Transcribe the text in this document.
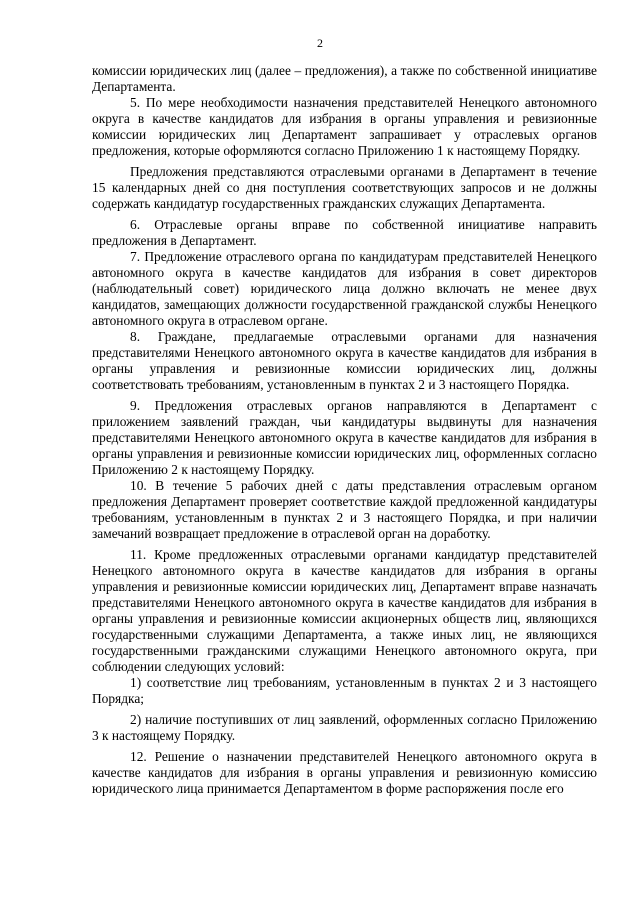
2

комиссии юридических лиц (далее – предложения), а также по собственной инициативе Департамента.

5. По мере необходимости назначения представителей Ненецкого автономного округа в качестве кандидатов для избрания в органы управления и ревизионные комиссии юридических лиц Департамент запрашивает у отраслевых органов предложения, которые оформляются согласно Приложению 1 к настоящему Порядку.

Предложения представляются отраслевыми органами в Департамент в течение 15 календарных дней со дня поступления соответствующих запросов и не должны содержать кандидатур государственных гражданских служащих Департамента.

6. Отраслевые органы вправе по собственной инициативе направить предложения в Департамент.

7. Предложение отраслевого органа по кандидатурам представителей Ненецкого автономного округа в качестве кандидатов для избрания в совет директоров (наблюдательный совет) юридического лица должно включать не менее двух кандидатов, замещающих должности государственной гражданской службы Ненецкого автономного округа в отраслевом органе.

8. Граждане, предлагаемые отраслевыми органами для назначения представителями Ненецкого автономного округа в качестве кандидатов для избрания в органы управления и ревизионные комиссии юридических лиц, должны соответствовать требованиям, установленным в пунктах 2 и 3 настоящего Порядка.

9. Предложения отраслевых органов направляются в Департамент с приложением заявлений граждан, чьи кандидатуры выдвинуты для назначения представителями Ненецкого автономного округа в качестве кандидатов для избрания в органы управления и ревизионные комиссии юридических лиц, оформленных согласно Приложению 2 к настоящему Порядку.

10. В течение 5 рабочих дней с даты представления отраслевым органом предложения Департамент проверяет соответствие каждой предложенной кандидатуры требованиям, установленным в пунктах 2 и 3 настоящего Порядка, и при наличии замечаний возвращает предложение в отраслевой орган на доработку.

11. Кроме предложенных отраслевыми органами кандидатур представителей Ненецкого автономного округа в качестве кандидатов для избрания в органы управления и ревизионные комиссии юридических лиц, Департамент вправе назначать представителями Ненецкого автономного округа в качестве кандидатов для избрания в органы управления и ревизионные комиссии акционерных обществ лиц, являющихся государственными служащими Департамента, а также иных лиц, не являющихся государственными гражданскими служащими Ненецкого автономного округа, при соблюдении следующих условий:

1) соответствие лиц требованиям, установленным в пунктах 2 и 3 настоящего Порядка;

2) наличие поступивших от лиц заявлений, оформленных согласно Приложению 3 к настоящему Порядку.

12. Решение о назначении представителей Ненецкого автономного округа в качестве кандидатов для избрания в органы управления и ревизионную комиссию юридического лица принимается Департаментом в форме распоряжения после его
